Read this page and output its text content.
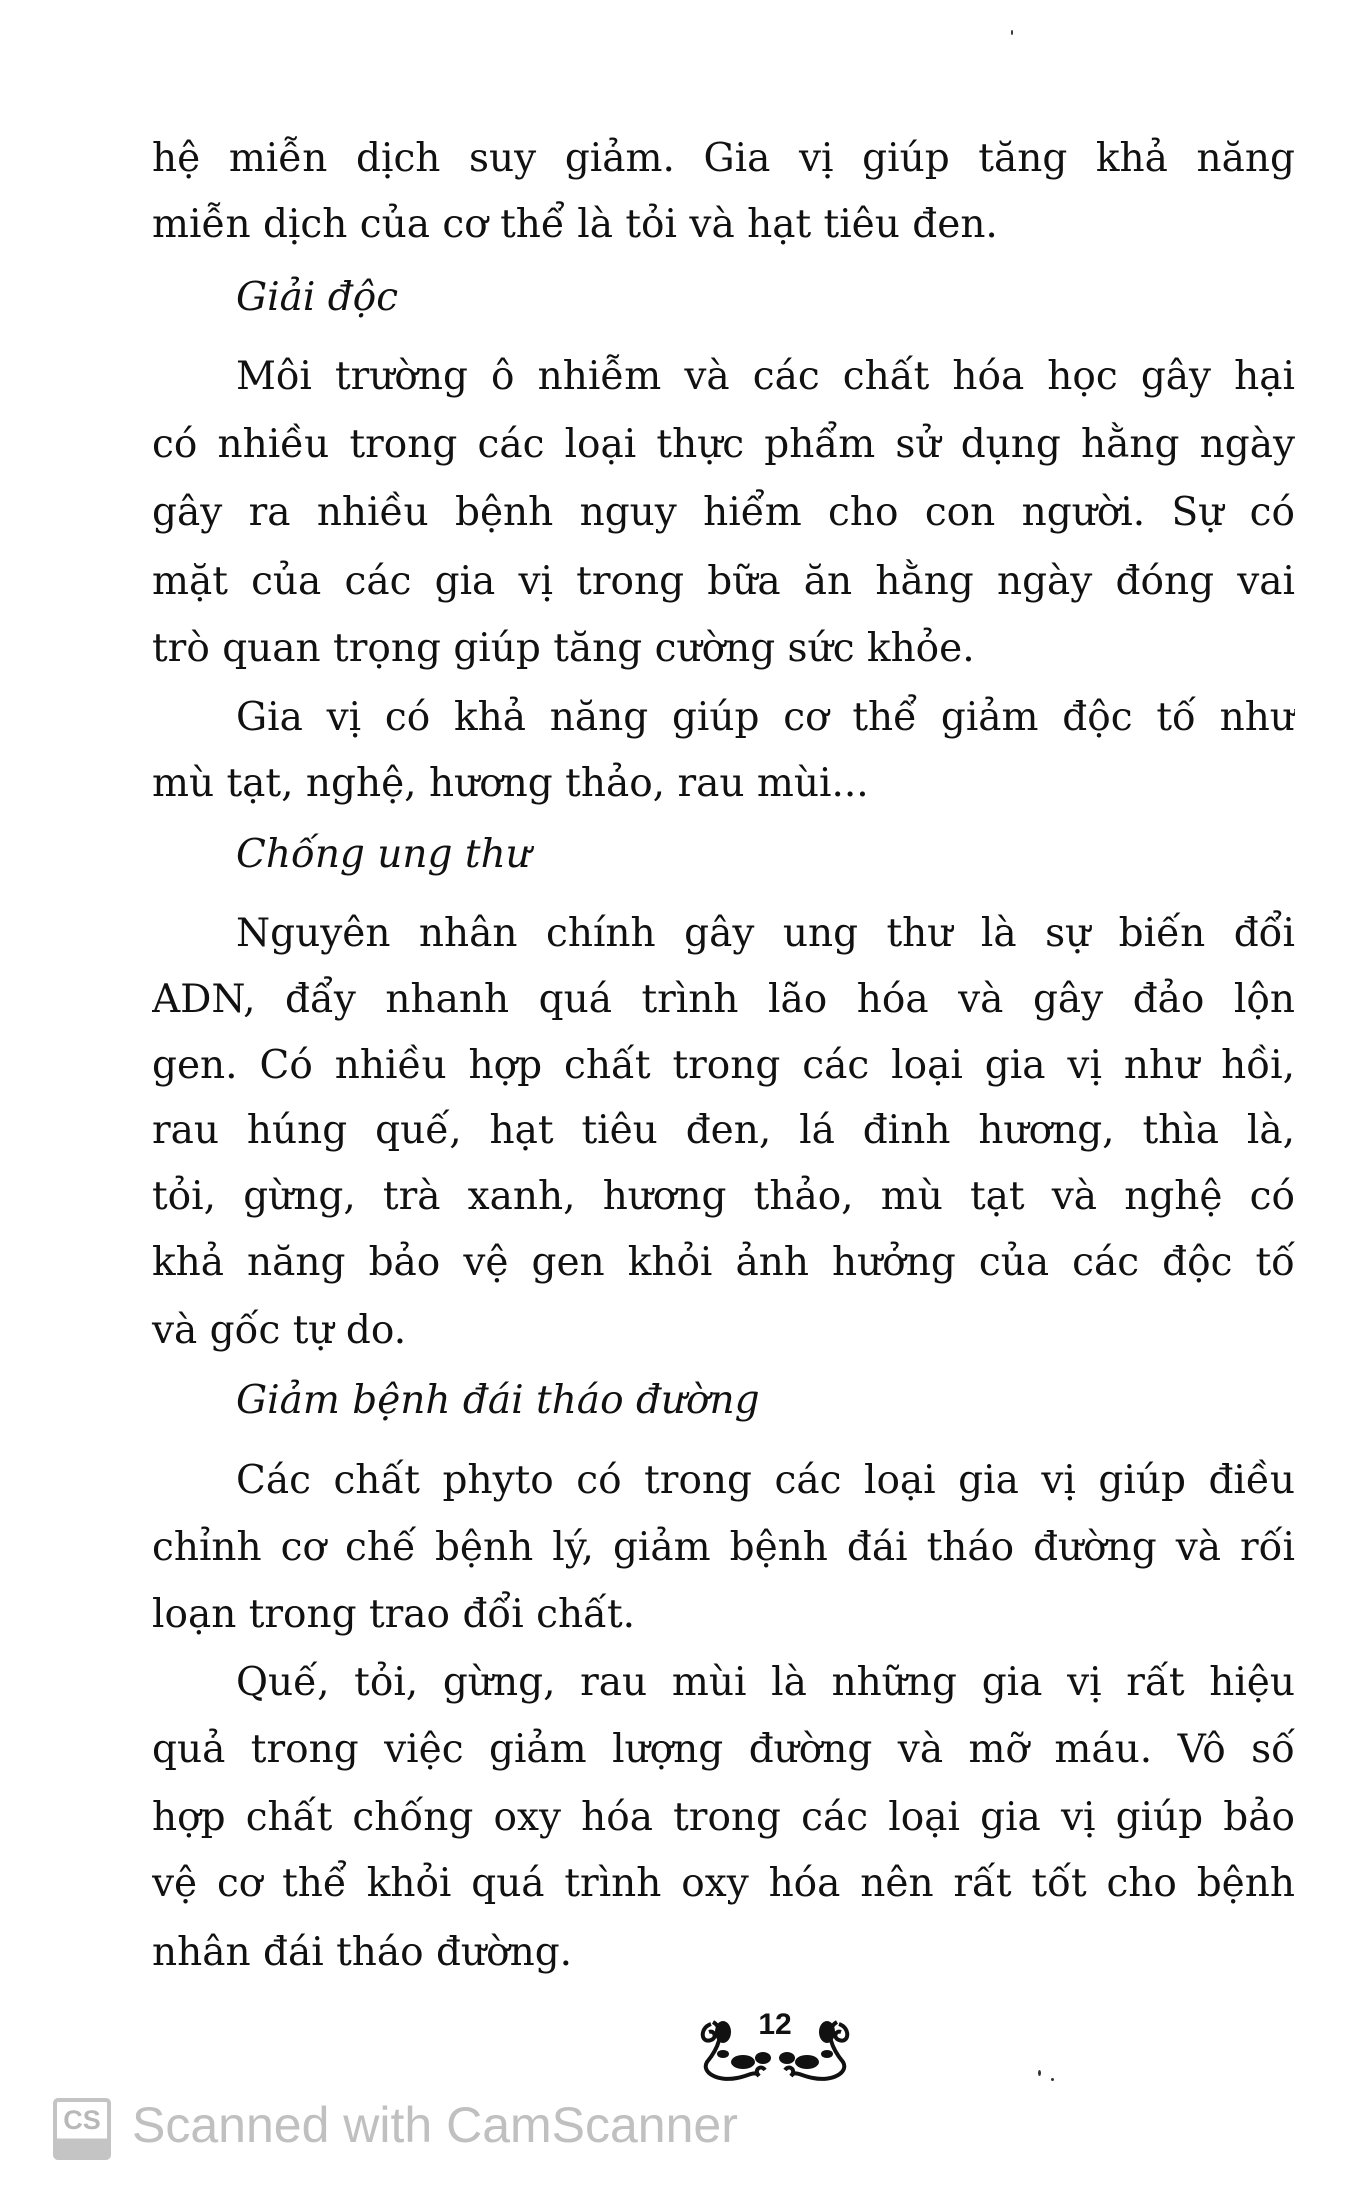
hệ miễn dịch suy giảm. Gia vị giúp tăng khả năng
miễn dịch của cơ thể là tỏi và hạt tiêu đen.
Giải độc
Môi trường ô nhiễm và các chất hóa học gây hại
có nhiều trong các loại thực phẩm sử dụng hằng ngày
gây ra nhiều bệnh nguy hiểm cho con người. Sự có
mặt của các gia vị trong bữa ăn hằng ngày đóng vai
trò quan trọng giúp tăng cường sức khỏe.
Gia vị có khả năng giúp cơ thể giảm độc tố như
mù tạt, nghệ, hương thảo, rau mùi...
Chống ung thư
Nguyên nhân chính gây ung thư là sự biến đổi
ADN, đẩy nhanh quá trình lão hóa và gây đảo lộn
gen. Có nhiều hợp chất trong các loại gia vị như hồi,
rau húng quế, hạt tiêu đen, lá đinh hương, thìa là,
tỏi, gừng, trà xanh, hương thảo, mù tạt và nghệ có
khả năng bảo vệ gen khỏi ảnh hưởng của các độc tố
và gốc tự do.
Giảm bệnh đái tháo đường
Các chất phyto có trong các loại gia vị giúp điều
chỉnh cơ chế bệnh lý, giảm bệnh đái tháo đường và rối
loạn trong trao đổi chất.
Quế, tỏi, gừng, rau mùi là những gia vị rất hiệu
quả trong việc giảm lượng đường và mỡ máu. Vô số
hợp chất chống oxy hóa trong các loại gia vị giúp bảo
vệ cơ thể khỏi quá trình oxy hóa nên rất tốt cho bệnh
nhân đái tháo đường.
12
CS Scanned with CamScanner
